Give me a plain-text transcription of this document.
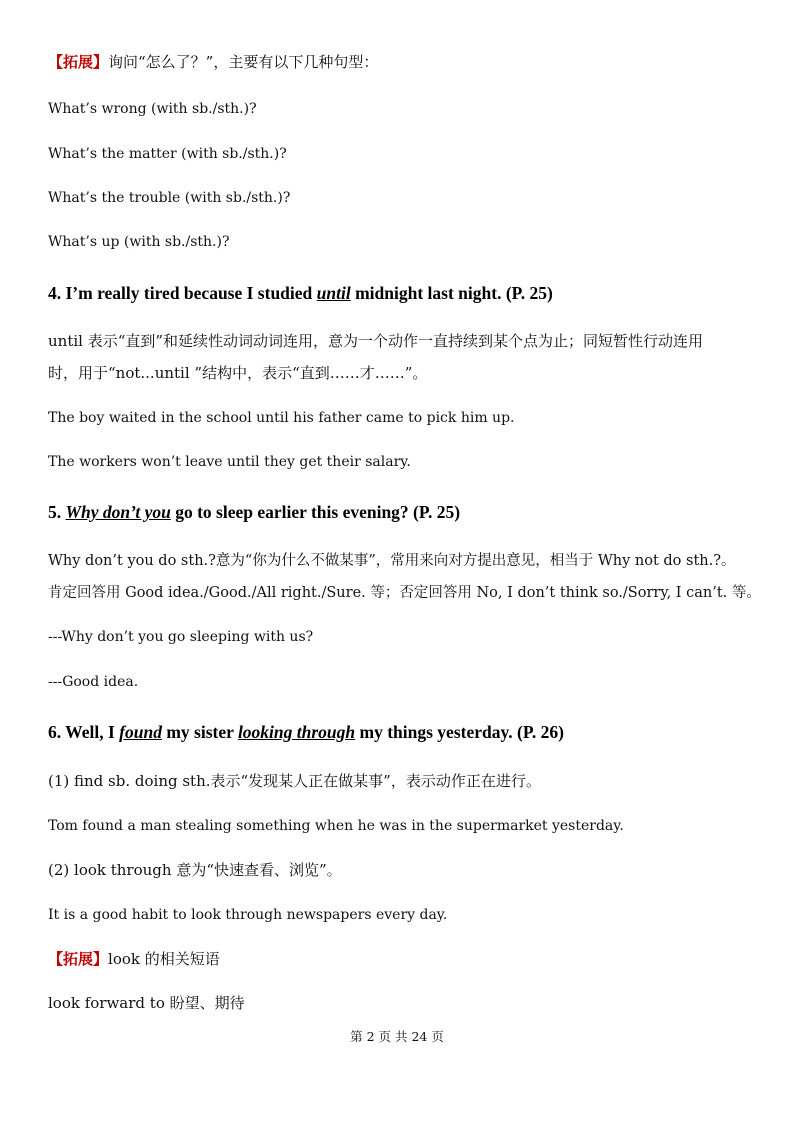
【拓展】询问“怎么了？”，主要有以下几种句型：
What’s wrong (with sb./sth.)?
What’s the matter (with sb./sth.)?
What’s the trouble (with sb./sth.)?
What’s up (with sb./sth.)?
4. I’m really tired because I studied until midnight last night. (P. 25)
until 表示“直到”和延续性动词动词连用，意为一个动作一直持续到某个点为止；同短暂性行动连用
时，用于“not...until ”结构中，表示“直到……才……”。
The boy waited in the school until his father came to pick him up.
The workers won’t leave until they get their salary.
5. Why don’t you go to sleep earlier this evening? (P. 25)
Why don’t you do sth.?意为“你为什么不做某事”，常用来向对方提出意见，相当于 Why not do sth.?。
肯定回答用 Good idea./Good./All right./Sure. 等；否定回答用 No, I don’t think so./Sorry, I can’t. 等。
---Why don’t you go sleeping with us?
---Good idea.
6. Well, I found my sister looking through my things yesterday. (P. 26)
(1) find sb. doing sth.表示“发现某人正在做某事”，表示动作正在进行。
Tom found a man stealing something when he was in the supermarket yesterday.
(2) look through 意为“快速查看、浏览”。
It is a good habit to look through newspapers every day.
【拓展】look 的相关短语
look forward to 盼望、期待
第 2 页 共 24 页
